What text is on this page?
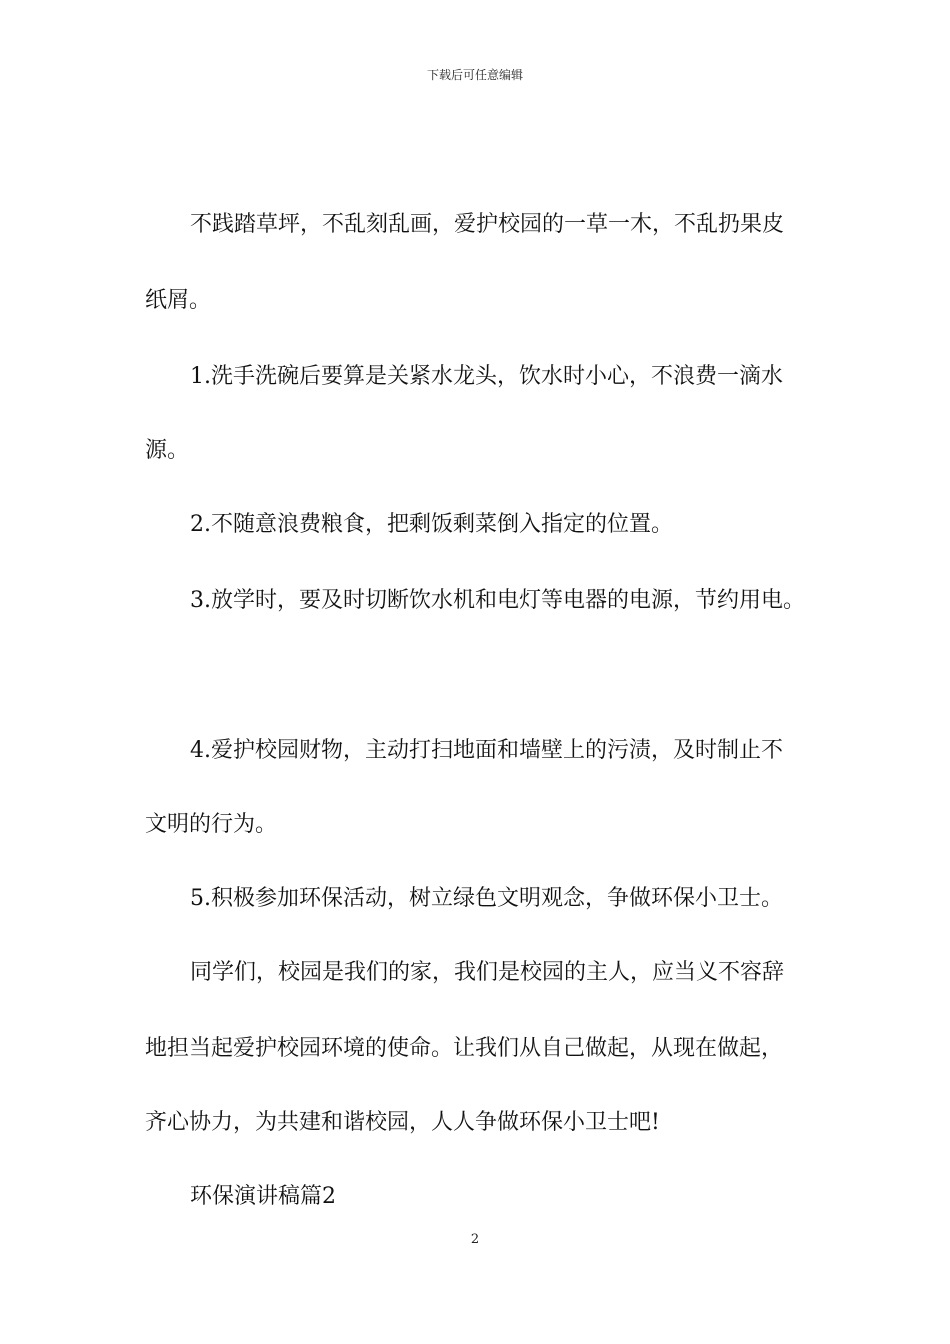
下载后可任意编辑
不践踏草坪，不乱刻乱画，爱护校园的一草一木，不乱扔果皮
纸屑。
1.洗手洗碗后要算是关紧水龙头，饮水时小心，不浪费一滴水
源。
2.不随意浪费粮食，把剩饭剩菜倒入指定的位置。
3.放学时，要及时切断饮水机和电灯等电器的电源，节约用电。
4.爱护校园财物，主动打扫地面和墙壁上的污渍，及时制止不
文明的行为。
5.积极参加环保活动，树立绿色文明观念，争做环保小卫士。
同学们，校园是我们的家，我们是校园的主人，应当义不容辞
地担当起爱护校园环境的使命。让我们从自己做起，从现在做起，
齐心协力，为共建和谐校园，人人争做环保小卫士吧!
环保演讲稿篇2
2
